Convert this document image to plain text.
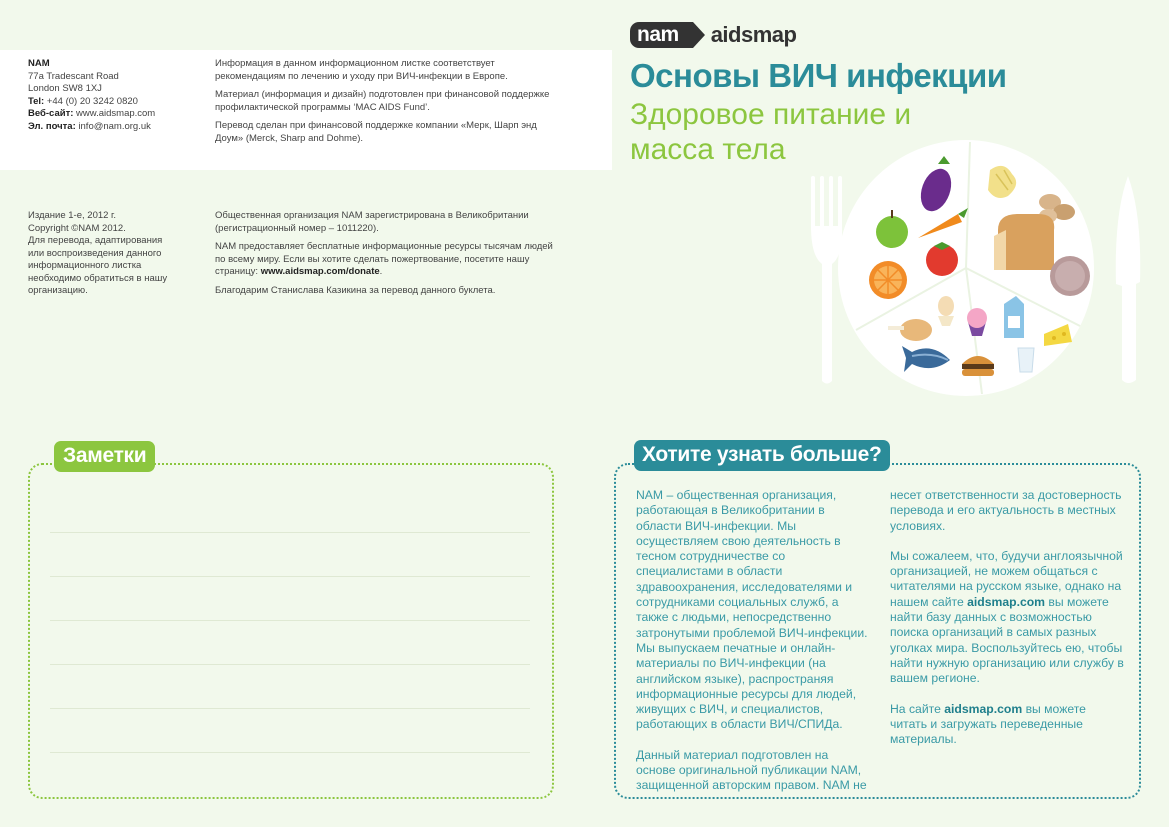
NAM
77a Tradescant Road
London SW8 1XJ
Tel: +44 (0) 20 3242 0820
Веб-сайт: www.aidsmap.com
Эл. почта: info@nam.org.uk

Информация в данном информационном листке соответствует рекомендациям по лечению и уходу при ВИЧ-инфекции в Европе.

Материал (информация и дизайн) подготовлен при финансовой поддержке профилактической программы ‘MAC AIDS Fund’.

Перевод сделан при финансовой поддержке компании «Мерк, Шарп энд Доум» (Merck, Sharp and Dohme).

Издание 1-е, 2012 г.
Copyright ©NAM 2012.
Для перевода, адаптирования или воспроизведения данного информационного листка необходимо обратиться в нашу организацию.

Общественная организация NAM зарегистрирована в Великобритании (регистрационный номер – 1011220).

NAM предоставляет бесплатные информационные ресурсы тысячам людей по всему миру. Если вы хотите сделать пожертвование, посетите нашу страницу: www.aidsmap.com/donate.

Благодарим Станислава Казикина за перевод данного буклета.

nam	aidsmap
Основы ВИЧ инфекции
Здоровое питание и масса тела
Заметки	Хотите узнать больше?

NAM – общественная организация, работающая в Великобритании в области ВИЧ-инфекции. Мы осуществляем свою деятельность в тесном сотрудничестве со специалистами в области здравоохранения, исследователями и сотрудниками социальных служб, а также с людьми, непосредственно затронутыми проблемой ВИЧ-инфекции. Мы выпускаем печатные и онлайн-материалы по ВИЧ-инфекции (на английском языке), распространяя информационные ресурсы для людей, живущих с ВИЧ, и специалистов, работающих в области ВИЧ/СПИДа.

Данный материал подготовлен на основе оригинальной публикации NAM, защищенной авторским правом. NAM не

несет ответственности за достоверность перевода и его актуальность в местных условиях.

Мы сожалеем, что, будучи англоязычной организацией, не можем общаться с читателями на русском языке, однако на нашем сайте aidsmap.com вы можете найти базу данных с возможностью поиска организаций в самых разных уголках мира. Воспользуйтесь ею, чтобы найти нужную организацию или службу в вашем регионе.

На сайте aidsmap.com вы можете читать и загружать переведенные материалы.
